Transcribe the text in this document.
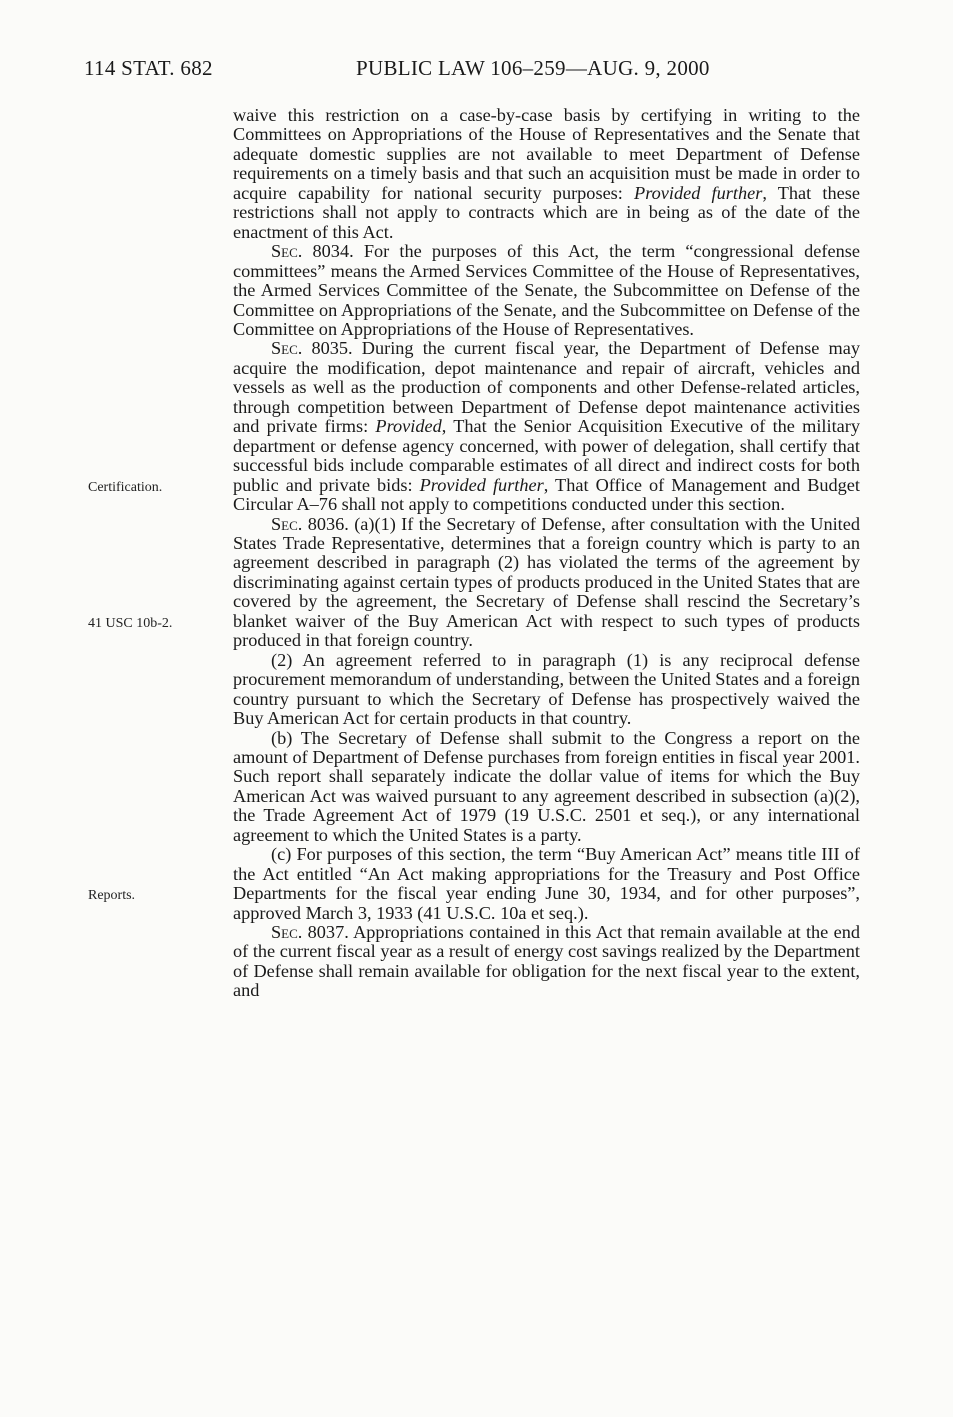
114 STAT. 682	PUBLIC LAW 106–259—AUG. 9, 2000
Certification.
41 USC 10b-2.
Reports.

waive this restriction on a case-by-case basis by certifying in writing to the Committees on Appropriations of the House of Representatives and the Senate that adequate domestic supplies are not available to meet Department of Defense requirements on a timely basis and that such an acquisition must be made in order to acquire capability for national security purposes: Provided further, That these restrictions shall not apply to contracts which are in being as of the date of the enactment of this Act.

Sec. 8034. For the purposes of this Act, the term “congressional defense committees” means the Armed Services Committee of the House of Representatives, the Armed Services Committee of the Senate, the Subcommittee on Defense of the Committee on Appropriations of the Senate, and the Subcommittee on Defense of the Committee on Appropriations of the House of Representatives.

Sec. 8035. During the current fiscal year, the Department of Defense may acquire the modification, depot maintenance and repair of aircraft, vehicles and vessels as well as the production of components and other Defense-related articles, through competition between Department of Defense depot maintenance activities and private firms: Provided, That the Senior Acquisition Executive of the military department or defense agency concerned, with power of delegation, shall certify that successful bids include comparable estimates of all direct and indirect costs for both public and private bids: Provided further, That Office of Management and Budget Circular A–76 shall not apply to competitions conducted under this section.

Sec. 8036. (a)(1) If the Secretary of Defense, after consultation with the United States Trade Representative, determines that a foreign country which is party to an agreement described in paragraph (2) has violated the terms of the agreement by discriminating against certain types of products produced in the United States that are covered by the agreement, the Secretary of Defense shall rescind the Secretary’s blanket waiver of the Buy American Act with respect to such types of products produced in that foreign country.

(2) An agreement referred to in paragraph (1) is any reciprocal defense procurement memorandum of understanding, between the United States and a foreign country pursuant to which the Secretary of Defense has prospectively waived the Buy American Act for certain products in that country.

(b) The Secretary of Defense shall submit to the Congress a report on the amount of Department of Defense purchases from foreign entities in fiscal year 2001. Such report shall separately indicate the dollar value of items for which the Buy American Act was waived pursuant to any agreement described in subsection (a)(2), the Trade Agreement Act of 1979 (19 U.S.C. 2501 et seq.), or any international agreement to which the United States is a party.

(c) For purposes of this section, the term “Buy American Act” means title III of the Act entitled “An Act making appropriations for the Treasury and Post Office Departments for the fiscal year ending June 30, 1934, and for other purposes”, approved March 3, 1933 (41 U.S.C. 10a et seq.).

Sec. 8037. Appropriations contained in this Act that remain available at the end of the current fiscal year as a result of energy cost savings realized by the Department of Defense shall remain available for obligation for the next fiscal year to the extent, and
